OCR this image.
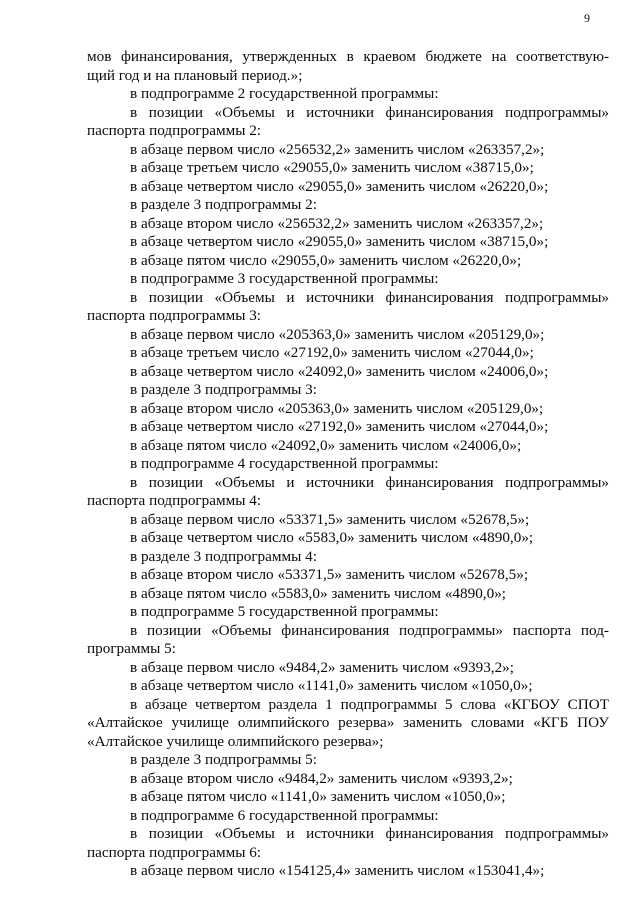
9

мов финансирования, утвержденных в краевом бюджете на соответствую-

щий год и на плановый период.»;

в подпрограмме 2 государственной программы:

в позиции «Объемы и источники финансирования подпрограммы»

паспорта подпрограммы 2:

в абзаце первом число «256532,2» заменить числом «263357,2»;

в абзаце третьем число «29055,0» заменить числом «38715,0»;

в абзаце четвертом число «29055,0» заменить числом «26220,0»;

в разделе 3 подпрограммы 2:

в абзаце втором число «256532,2» заменить числом «263357,2»;

в абзаце четвертом число «29055,0» заменить числом «38715,0»;

в абзаце пятом число «29055,0» заменить числом «26220,0»;

в подпрограмме 3 государственной программы:

в позиции «Объемы и источники финансирования подпрограммы»

паспорта подпрограммы 3:

в абзаце первом число «205363,0» заменить числом «205129,0»;

в абзаце третьем число «27192,0» заменить числом «27044,0»;

в абзаце четвертом число «24092,0» заменить числом «24006,0»;

в разделе 3 подпрограммы 3:

в абзаце втором число «205363,0» заменить числом «205129,0»;

в абзаце четвертом число «27192,0» заменить числом «27044,0»;

в абзаце пятом число «24092,0» заменить числом «24006,0»;

в подпрограмме 4 государственной программы:

в позиции «Объемы и источники финансирования подпрограммы»

паспорта подпрограммы 4:

в абзаце первом число «53371,5» заменить числом «52678,5»;

в абзаце четвертом число «5583,0» заменить числом «4890,0»;

в разделе 3 подпрограммы 4:

в абзаце втором число «53371,5» заменить числом «52678,5»;

в абзаце пятом число «5583,0» заменить числом «4890,0»;

в подпрограмме 5 государственной программы:

в позиции «Объемы финансирования подпрограммы» паспорта под-

программы 5:

в абзаце первом число «9484,2» заменить числом «9393,2»;

в абзаце четвертом число «1141,0» заменить числом «1050,0»;

в абзаце четвертом раздела 1 подпрограммы 5 слова «КГБОУ СПОТ

«Алтайское училище олимпийского резерва» заменить словами «КГБ ПОУ

«Алтайское училище олимпийского резерва»;

в разделе 3 подпрограммы 5:

в абзаце втором число «9484,2» заменить числом «9393,2»;

в абзаце пятом число «1141,0» заменить числом «1050,0»;

в подпрограмме 6 государственной программы:

в позиции «Объемы и источники финансирования подпрограммы»

паспорта подпрограммы 6:

в абзаце первом число «154125,4» заменить числом «153041,4»;
